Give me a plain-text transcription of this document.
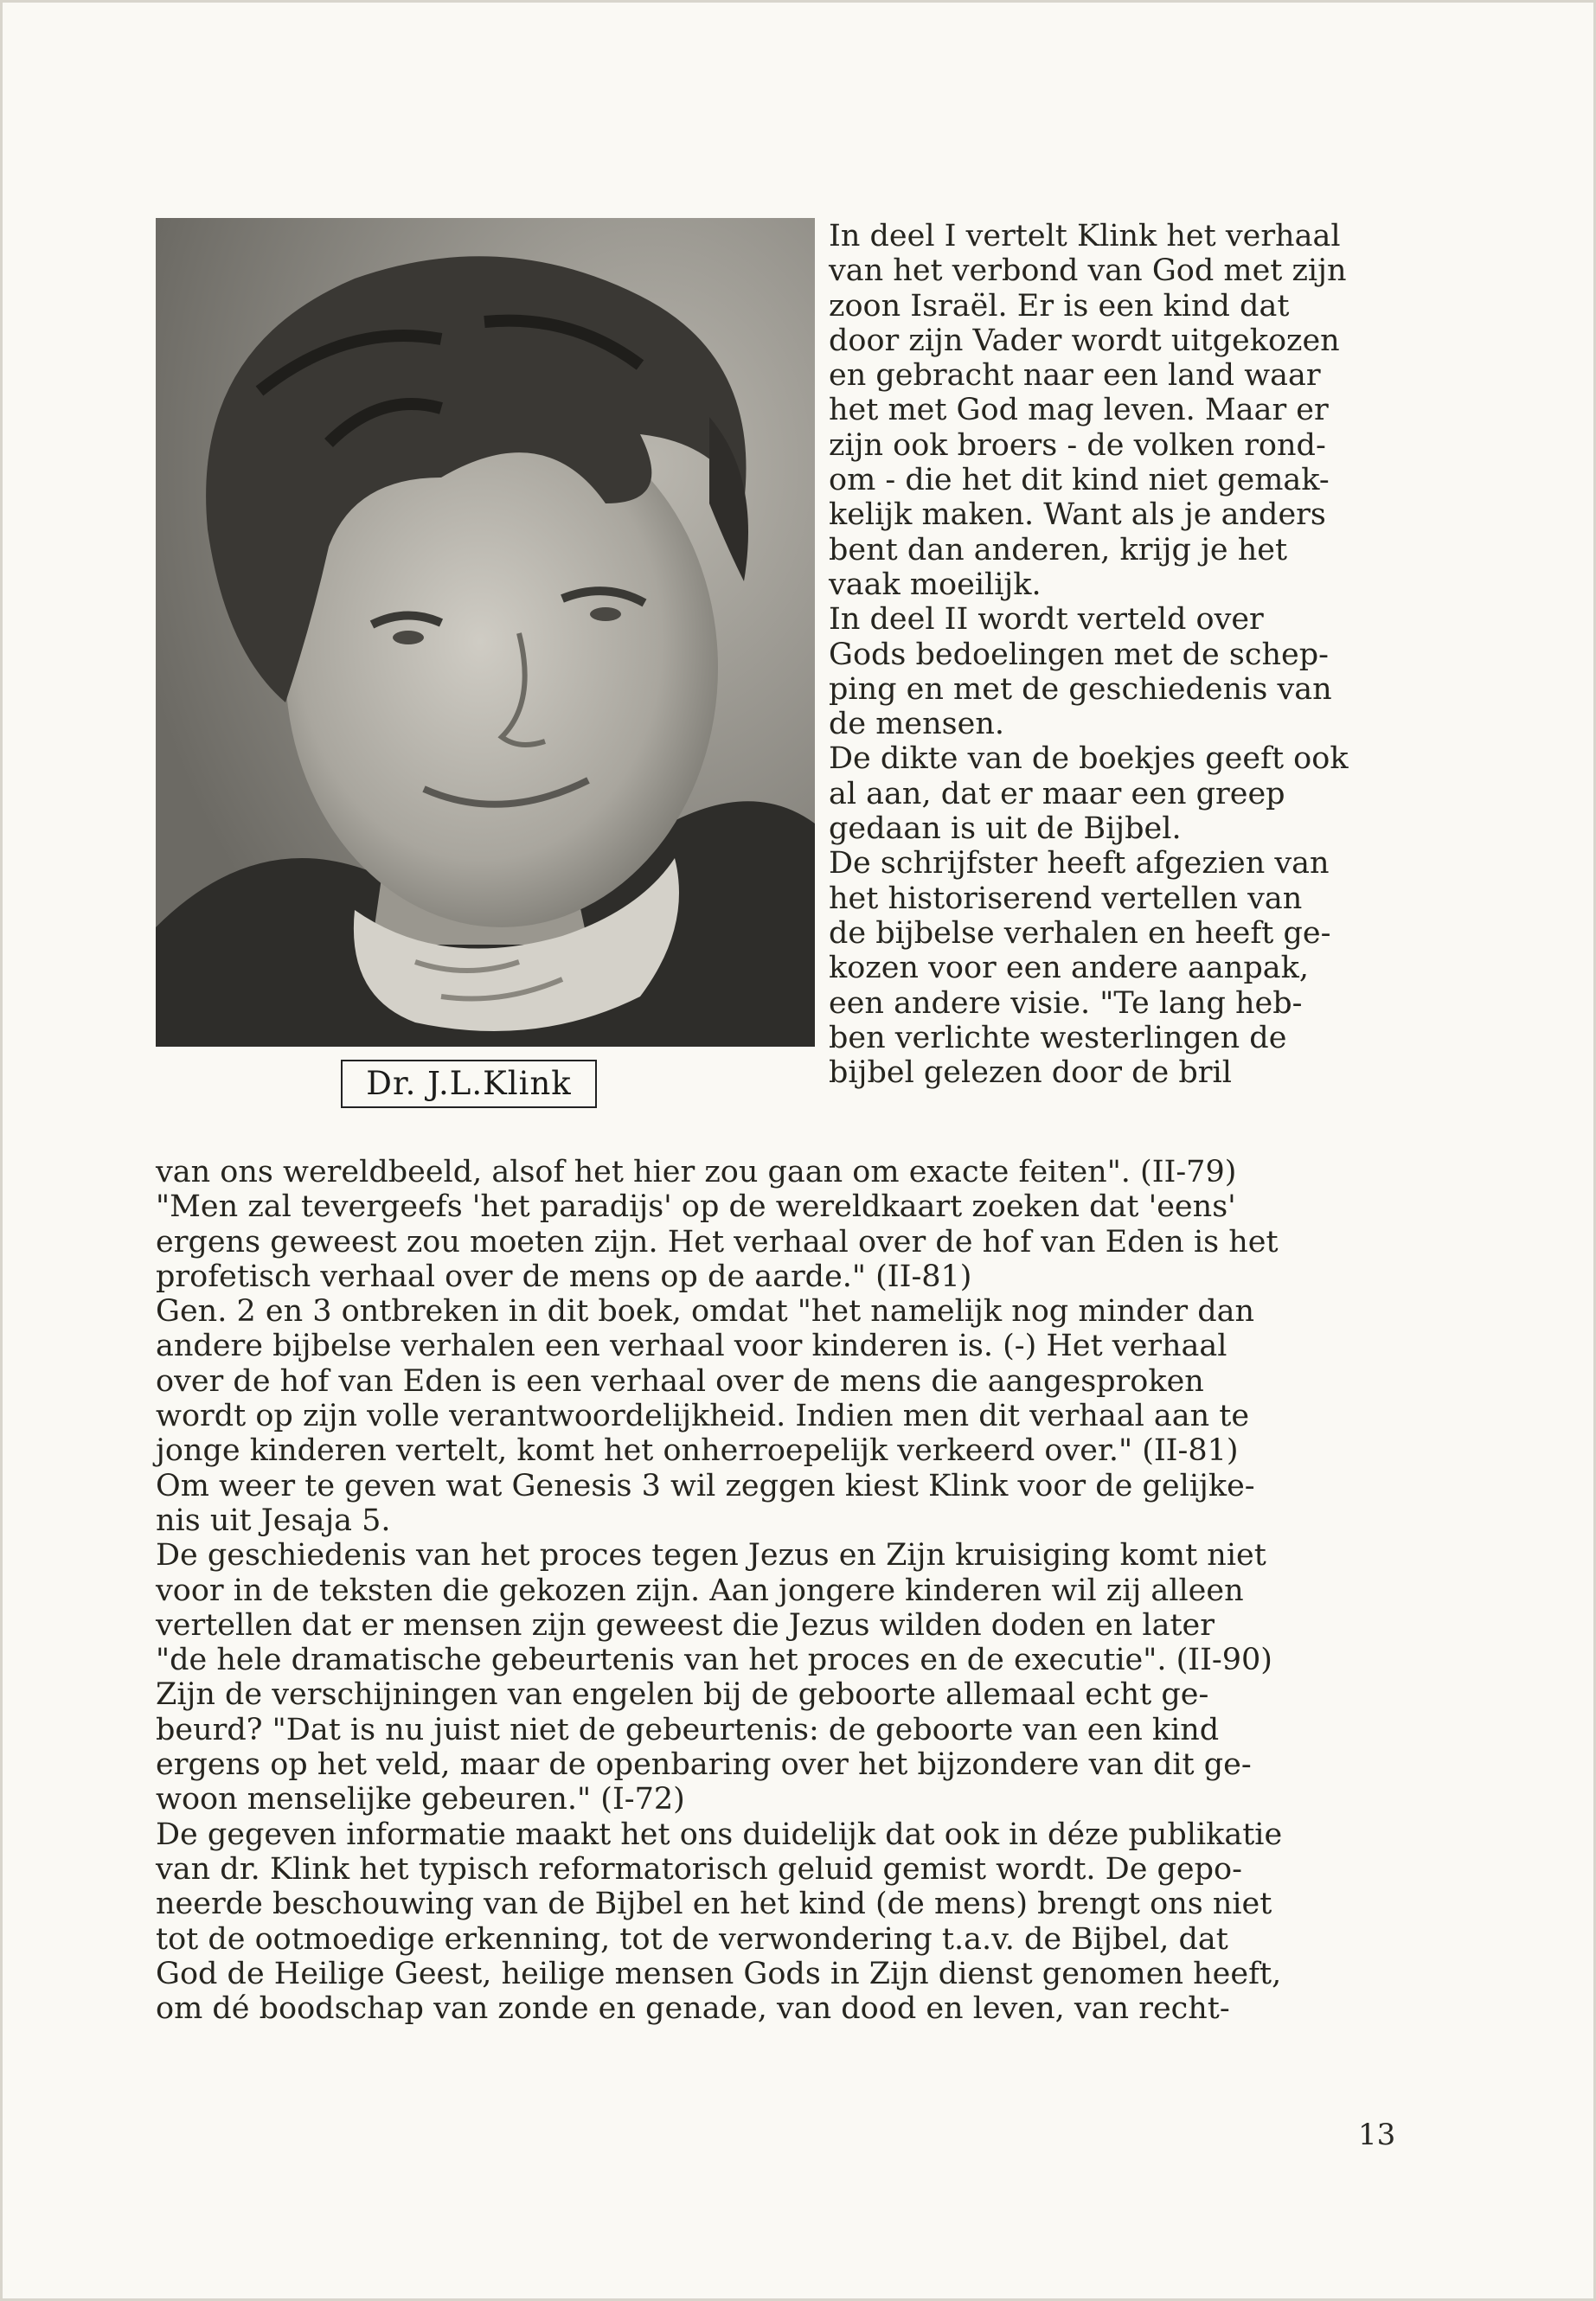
Dr. J.L.Klink
In deel I vertelt Klink het verhaal
van het verbond van God met zijn
zoon Israël. Er is een kind dat
door zijn Vader wordt uitgekozen
en gebracht naar een land waar
het met God mag leven. Maar er
zijn ook broers - de volken rond-
om - die het dit kind niet gemak-
kelijk maken. Want als je anders
bent dan anderen, krijg je het
vaak moeilijk.
In deel II wordt verteld over
Gods bedoelingen met de schep-
ping en met de geschiedenis van
de mensen.
De dikte van de boekjes geeft ook
al aan, dat er maar een greep
gedaan is uit de Bijbel.
De schrijfster heeft afgezien van
het historiserend vertellen van
de bijbelse verhalen en heeft ge-
kozen voor een andere aanpak,
een andere visie. "Te lang heb-
ben verlichte westerlingen de
bijbel gelezen door de bril
van ons wereldbeeld, alsof het hier zou gaan om exacte feiten". (II-79)
"Men zal tevergeefs 'het paradijs' op de wereldkaart zoeken dat 'eens'
ergens geweest zou moeten zijn. Het verhaal over de hof van Eden is het
profetisch verhaal over de mens op de aarde." (II-81)
Gen. 2 en 3 ontbreken in dit boek, omdat "het namelijk nog minder dan
andere bijbelse verhalen een verhaal voor kinderen is. (-) Het verhaal
over de hof van Eden is een verhaal over de mens die aangesproken
wordt op zijn volle verantwoordelijkheid. Indien men dit verhaal aan te
jonge kinderen vertelt, komt het onherroepelijk verkeerd over." (II-81)
Om weer te geven wat Genesis 3 wil zeggen kiest Klink voor de gelijke-
nis uit Jesaja 5.
De geschiedenis van het proces tegen Jezus en Zijn kruisiging komt niet
voor in de teksten die gekozen zijn. Aan jongere kinderen wil zij alleen
vertellen dat er mensen zijn geweest die Jezus wilden doden en later
"de hele dramatische gebeurtenis van het proces en de executie". (II-90)
Zijn de verschijningen van engelen bij de geboorte allemaal echt ge-
beurd? "Dat is nu juist niet de gebeurtenis: de geboorte van een kind
ergens op het veld, maar de openbaring over het bijzondere van dit ge-
woon menselijke gebeuren." (I-72)
De gegeven informatie maakt het ons duidelijk dat ook in déze publikatie
van dr. Klink het typisch reformatorisch geluid gemist wordt. De gepo-
neerde beschouwing van de Bijbel en het kind (de mens) brengt ons niet
tot de ootmoedige erkenning, tot de verwondering t.a.v. de Bijbel, dat
God de Heilige Geest, heilige mensen Gods in Zijn dienst genomen heeft,
om dé boodschap van zonde en genade, van dood en leven, van recht-
13
